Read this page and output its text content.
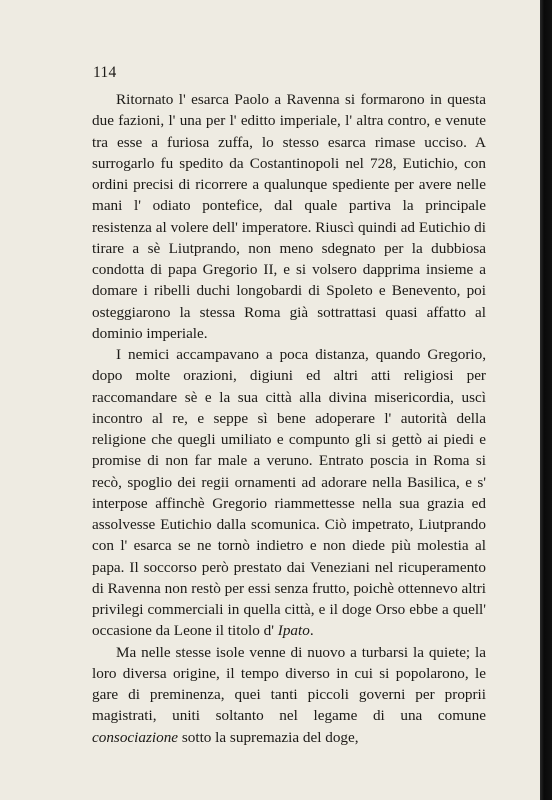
114

Ritornato l' esarca Paolo a Ravenna si formarono in questa due fazioni, l' una per l' editto imperiale, l' altra contro, e venute tra esse a furiosa zuffa, lo stesso esarca rimase ucciso. A surrogarlo fu spedito da Costantinopoli nel 728, Eutichio, con ordini precisi di ricorrere a qualunque spediente per avere nelle mani l' odiato pontefice, dal quale partiva la principale resistenza al volere dell' imperatore. Riuscì quindi ad Eutichio di tirare a sè Liutprando, non meno sdegnato per la dubbiosa condotta di papa Gregorio II, e si volsero dapprima insieme a domare i ribelli duchi longobardi di Spoleto e Benevento, poi osteggiarono la stessa Roma già sottrattasi quasi affatto al dominio imperiale.

I nemici accampavano a poca distanza, quando Gregorio, dopo molte orazioni, digiuni ed altri atti religiosi per raccomandare sè e la sua città alla divina misericordia, uscì incontro al re, e seppe sì bene adoperare l' autorità della religione che quegli umiliato e compunto gli si gettò ai piedi e promise di non far male a veruno. Entrato poscia in Roma si recò, spoglio dei regii ornamenti ad adorare nella Basilica, e s' interpose affinchè Gregorio riammettesse nella sua grazia ed assolvesse Eutichio dalla scomunica. Ciò impetrato, Liutprando con l' esarca se ne tornò indietro e non diede più molestia al papa. Il soccorso però prestato dai Veneziani nel ricuperamento di Ravenna non restò per essi senza frutto, poichè ottennevo altri privilegi commerciali in quella città, e il doge Orso ebbe a quell' occasione da Leone il titolo d' Ipato.

Ma nelle stesse isole venne di nuovo a turbarsi la quiete; la loro diversa origine, il tempo diverso in cui si popolarono, le gare di preminenza, quei tanti piccoli governi per proprii magistrati, uniti soltanto nel legame di una comune consociazione sotto la supremazia del doge,
